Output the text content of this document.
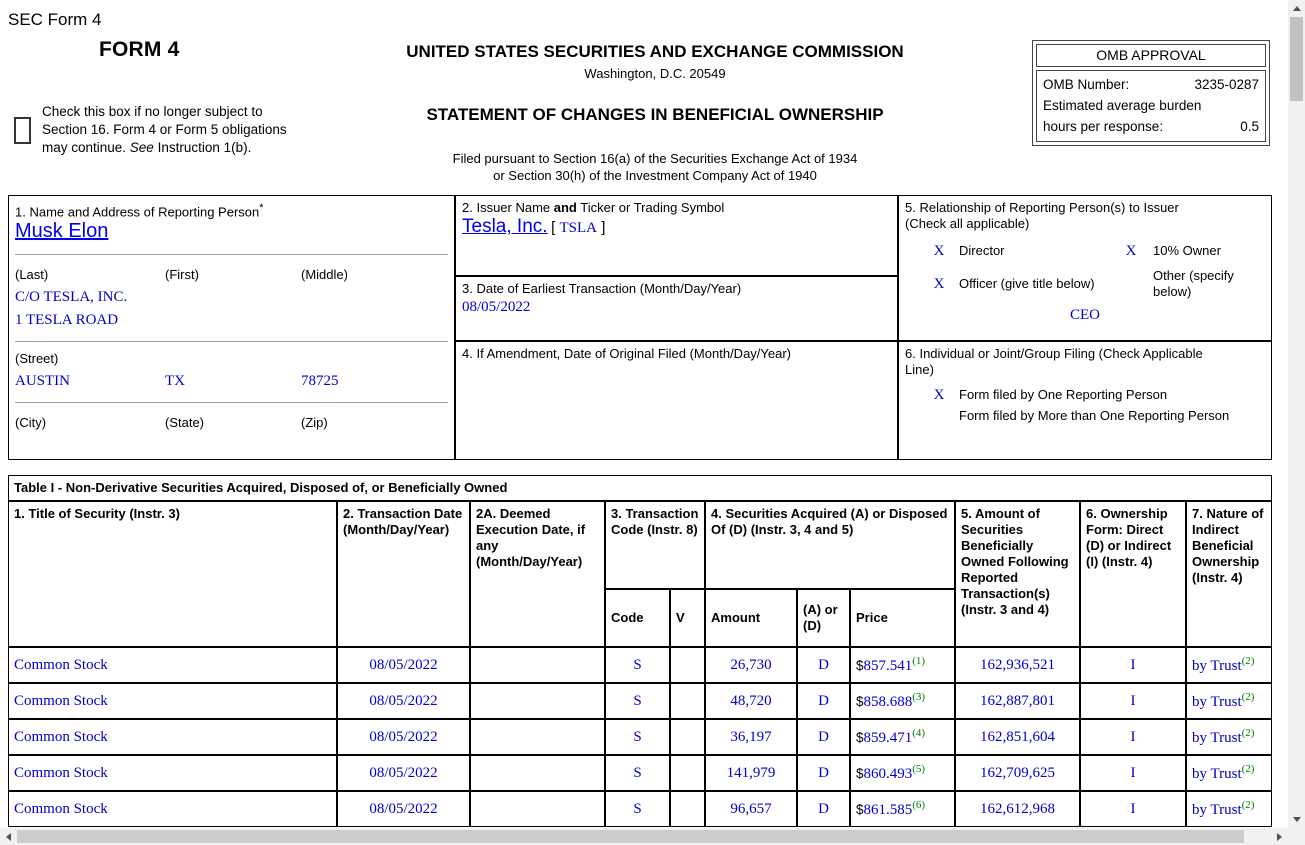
SEC Form 4
FORM 4
Check this box if no longer subject to Section 16. Form 4 or Form 5 obligations may continue. See Instruction 1(b).
UNITED STATES SECURITIES AND EXCHANGE COMMISSION
Washington, D.C. 20549
STATEMENT OF CHANGES IN BENEFICIAL OWNERSHIP
Filed pursuant to Section 16(a) of the Securities Exchange Act of 1934
or Section 30(h) of the Investment Company Act of 1940
OMB APPROVAL
OMB Number:	3235-0287
Estimated average burden
hours per response:	0.5
1. Name and Address of Reporting Person*
Musk Elon
(Last)	(First)	(Middle)
C/O TESLA, INC.
1 TESLA ROAD
(Street)
AUSTIN	TX	78725
(City)	(State)	(Zip)

2. Issuer Name and Ticker or Trading Symbol
Tesla, Inc. [ TSLA ]

5. Relationship of Reporting Person(s) to Issuer
(Check all applicable)
X	Director	X	10% Owner
X	Officer (give title below)
Other (specify below)
CEO

	3. Date of Earliest Transaction (Month/Day/Year)
08/05/2022	

	4. If Amendment, Date of Original Filed (Month/Day/Year)	6. Individual or Joint/Group Filing (Check Applicable
Line)
X Form filed by One Reporting Person
Form filed by More than One Reporting Person
Table I - Non-Derivative Securities Acquired, Disposed of, or Beneficially Owned										
1. Title of Security (Instr. 3)	2. Transaction Date (Month/Day/Year)	2A. Deemed Execution Date, if any (Month/Day/Year)	3. Transaction Code (Instr. 8)		4. Securities Acquired (A) or Disposed Of (D) (Instr. 3, 4 and 5)			5. Amount of Securities Beneficially Owned Following Reported Transaction(s) (Instr. 3 and 4)	6. Ownership Form: Direct (D) or Indirect (I) (Instr. 4)	7. Nature of Indirect Beneficial Ownership (Instr. 4)
			Code	V	Amount	(A) or (D)	Price			
Common Stock	08/05/2022		S		26,730	D	$857.541$^{(1)}$	162,936,521	I	by Trust$^{(2)}$
Common Stock	08/05/2022		S		48,720	D	$858.688$^{(3)}$	162,887,801	I	by Trust$^{(2)}$
Common Stock	08/05/2022		S		36,197	D	$859.471$^{(4)}$	162,851,604	I	by Trust$^{(2)}$
Common Stock	08/05/2022		S		141,979	D	$860.493$^{(5)}$	162,709,625	I	by Trust$^{(2)}$
Common Stock	08/05/2022		S		96,657	D	$861.585$^{(6)}$	162,612,968	I	by Trust$^{(2)}$
